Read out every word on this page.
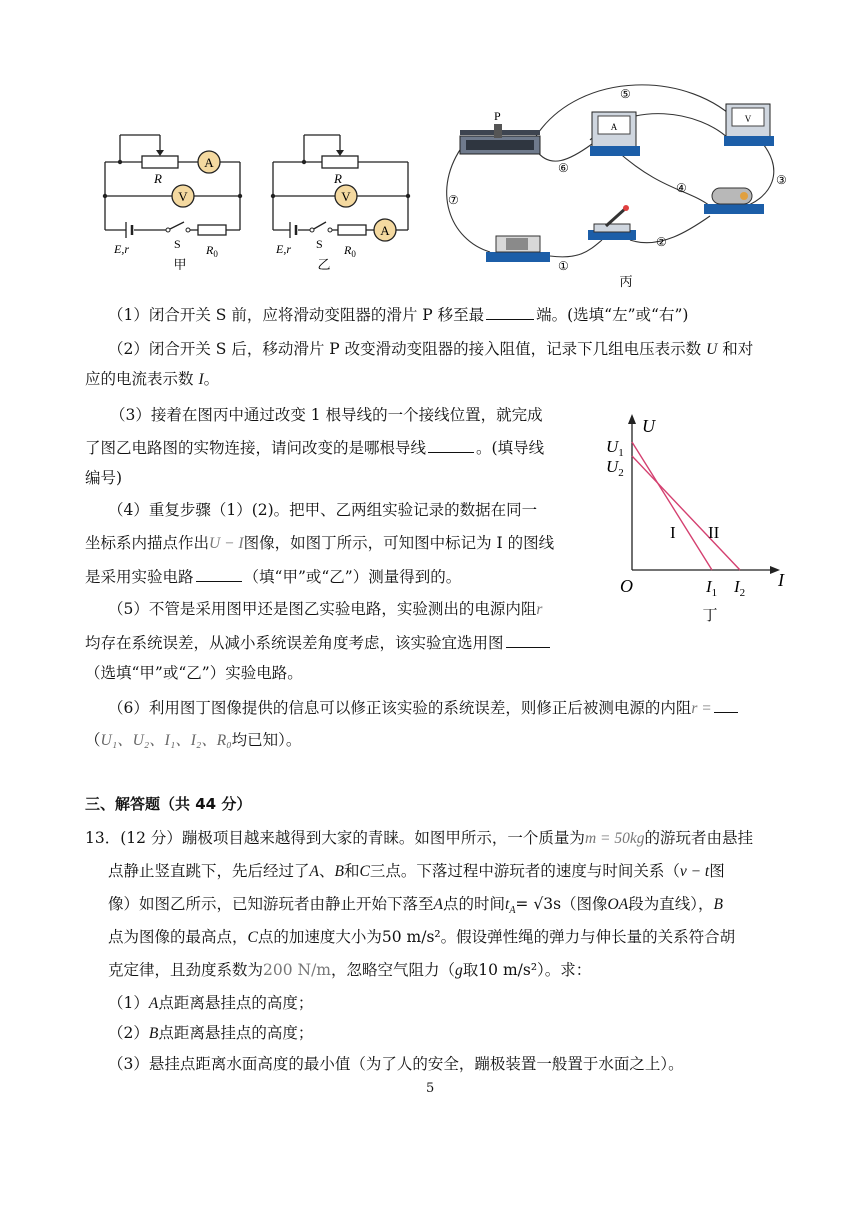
A
V
R
E,r	S $R_0$
甲
V
A
R
E,r S $R_0$
乙
P
A
V
①
②
③
④
⑤
⑥
⑦
丙
U
$U_1$
$U_2$
I II
O	$I_1$ $I_2$
I
丁
（1）闭合开关 S 前，应将滑动变阻器的滑片 P 移至最	端。(选填“左”或“右”)
（2）闭合开关 S 后，移动滑片 P 改变滑动变阻器的接入阻值，记录下几组电压表示数 U 和对
应的电流表示数 I。
（3）接着在图丙中通过改变 1 根导线的一个接线位置，就完成
了图乙电路图的实物连接，请问改变的是哪根导线	。(填导线
编号)
（4）重复步骤（1）(2)。把甲、乙两组实验记录的数据在同一
坐标系内描点作出U − I图像，如图丁所示，可知图中标记为 I 的图线
是采用实验电路	（填“甲”或“乙”）测量得到的。
（5）不管是采用图甲还是图乙实验电路，实验测出的电源内阻r
均存在系统误差，从减小系统误差角度考虑，该实验宜选用图
（选填“甲”或“乙”）实验电路。
（6）利用图丁图像提供的信息可以修正该实验的系统误差，则修正后被测电源的内阻r =
（U₁、U₂、I₁、I₂、R₀均已知）。
三、解答题（共 44 分）
13．(12 分）蹦极项目越来越得到大家的青睐。如图甲所示，一个质量为m = 50kg的游玩者由悬挂
点静止竖直跳下，先后经过了A、B和C三点。下落过程中游玩者的速度与时间关系（v − t图
像）如图乙所示，已知游玩者由静止开始下落至A点的时间$t_A= √3s$（图像OA段为直线），B
点为图像的最高点，C点的加速度大小为50 m/s²。假设弹性绳的弹力与伸长量的关系符合胡
克定律，且劲度系数为200 N/m，忽略空气阻力（g取10 m/s²）。求：
（1）A点距离悬挂点的高度；
（2）B点距离悬挂点的高度；
（3）悬挂点距离水面高度的最小值（为了人的安全，蹦极装置一般置于水面之上）。
5
